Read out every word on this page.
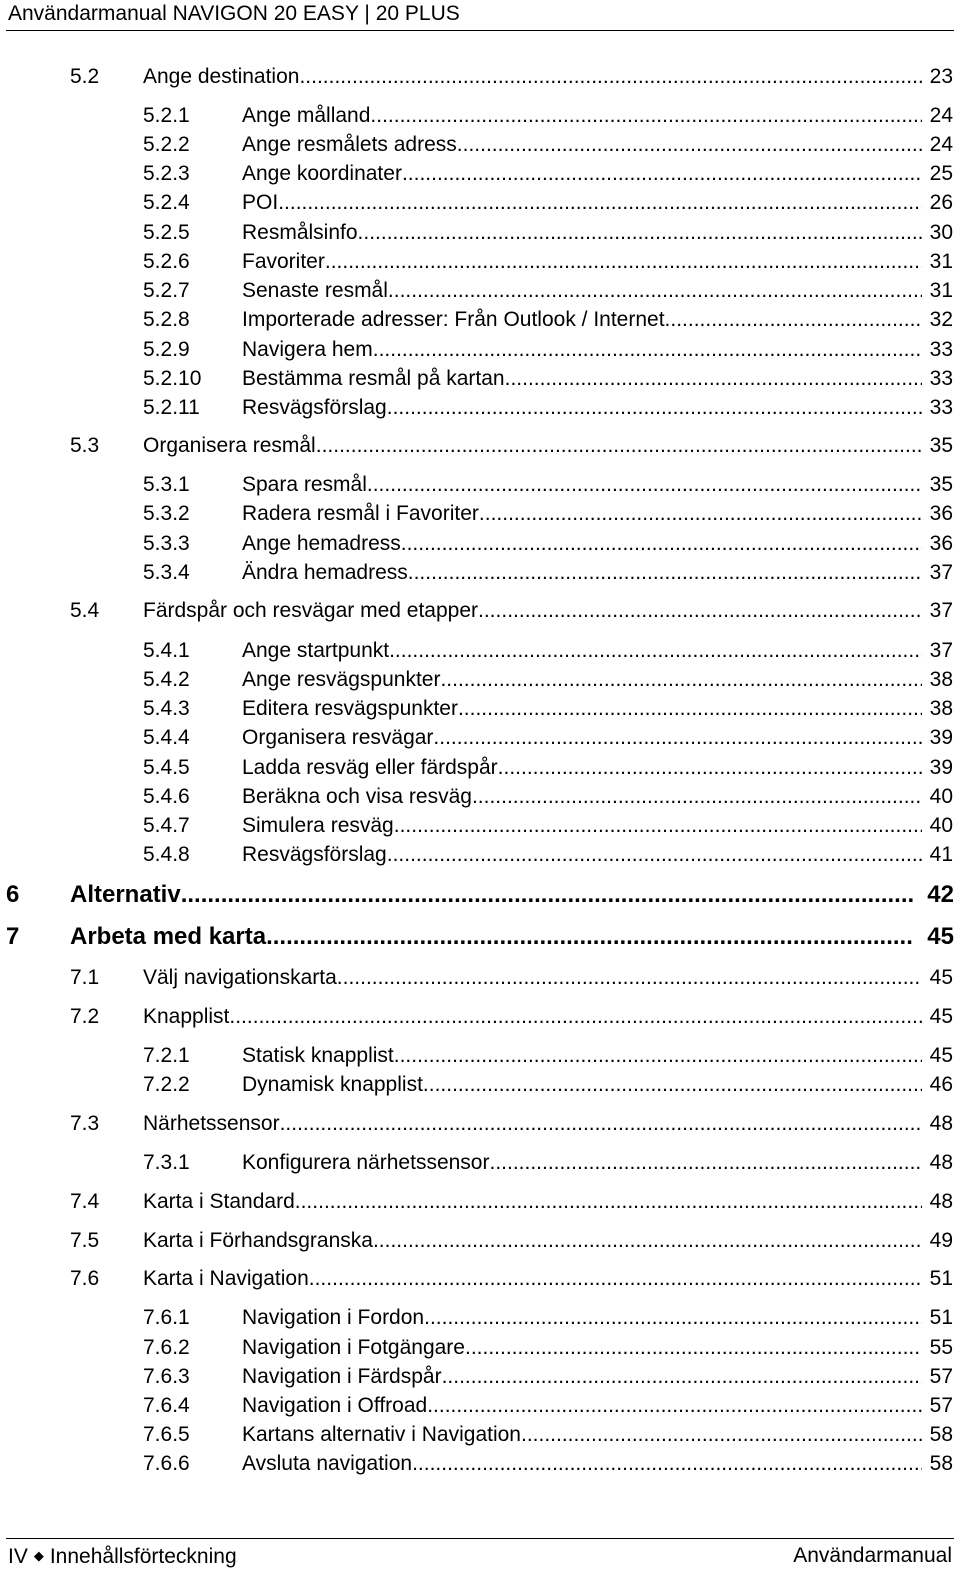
Användarmanual NAVIGON 20 EASY | 20 PLUS
5.2 Ange destination .....	23
5.2.1 Ange målland .....	24
5.2.2 Ange resmålets adress .....	24
5.2.3 Ange koordinater .....	25
5.2.4 POI .....	26
5.2.5 Resmålsinfo .....	30
5.2.6 Favoriter .....	31
5.2.7 Senaste resmål .....	31
5.2.8 Importerade adresser: Från Outlook / Internet .....	32
5.2.9 Navigera hem .....	33
5.2.10 Bestämma resmål på kartan .....	33
5.2.11 Resvägsförslag .....	33
5.3 Organisera resmål .....	35
5.3.1 Spara resmål .....	35
5.3.2 Radera resmål i Favoriter .....	36
5.3.3 Ange hemadress .....	36
5.3.4 Ändra hemadress .....	37
5.4 Färdspår och resvägar med etapper .....	37
5.4.1 Ange startpunkt .....	37
5.4.2 Ange resvägspunkter .....	38
5.4.3 Editera resvägspunkter .....	38
5.4.4 Organisera resvägar .....	39
5.4.5 Ladda resväg eller färdspår .....	39
5.4.6 Beräkna och visa resväg .....	40
5.4.7 Simulera resväg .....	40
5.4.8 Resvägsförslag .....	41
6 Alternativ .....	42
7 Arbeta med karta .....	45
7.1 Välj navigationskarta .....	45
7.2 Knapplist .....	45
7.2.1 Statisk knapplist .....	45
7.2.2 Dynamisk knapplist .....	46
7.3 Närhetssensor .....	48
7.3.1 Konfigurera närhetssensor .....	48
7.4 Karta i Standard .....	48
7.5 Karta i Förhandsgranska .....	49
7.6 Karta i Navigation .....	51
7.6.1 Navigation i Fordon .....	51
7.6.2 Navigation i Fotgängare .....	55
7.6.3 Navigation i Färdspår .....	57
7.6.4 Navigation i Offroad .....	57
7.6.5 Kartans alternativ i Navigation .....	58
7.6.6 Avsluta navigation .....	58
IV ◆ Innehållsförteckning	Användarmanual
